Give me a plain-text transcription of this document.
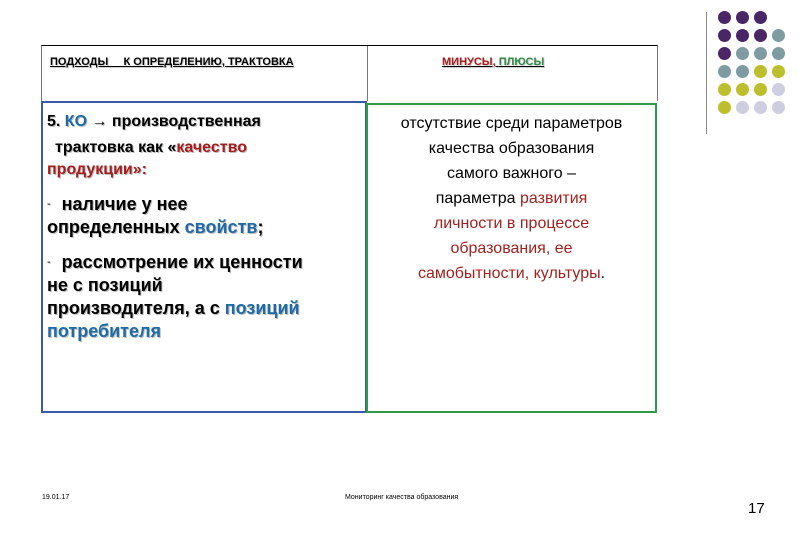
ПОДХОДЫ     К ОПРЕДЕЛЕНИЮ, ТРАКТОВКА	МИНУСЫ, ПЛЮСЫ
5. КО → производственная
трактовка как «качество
продукции»:
- наличие у нее
определенных свойств;
- рассмотрение их ценности
не с позиций
производителя, а с позиций
потребителя
отсутствие среди параметров
качества образования
самого важного –
параметра развития
личности в процессе
образования, ее
самобытности, культуры.
19.01.17	Мониторинг качества образования
17
